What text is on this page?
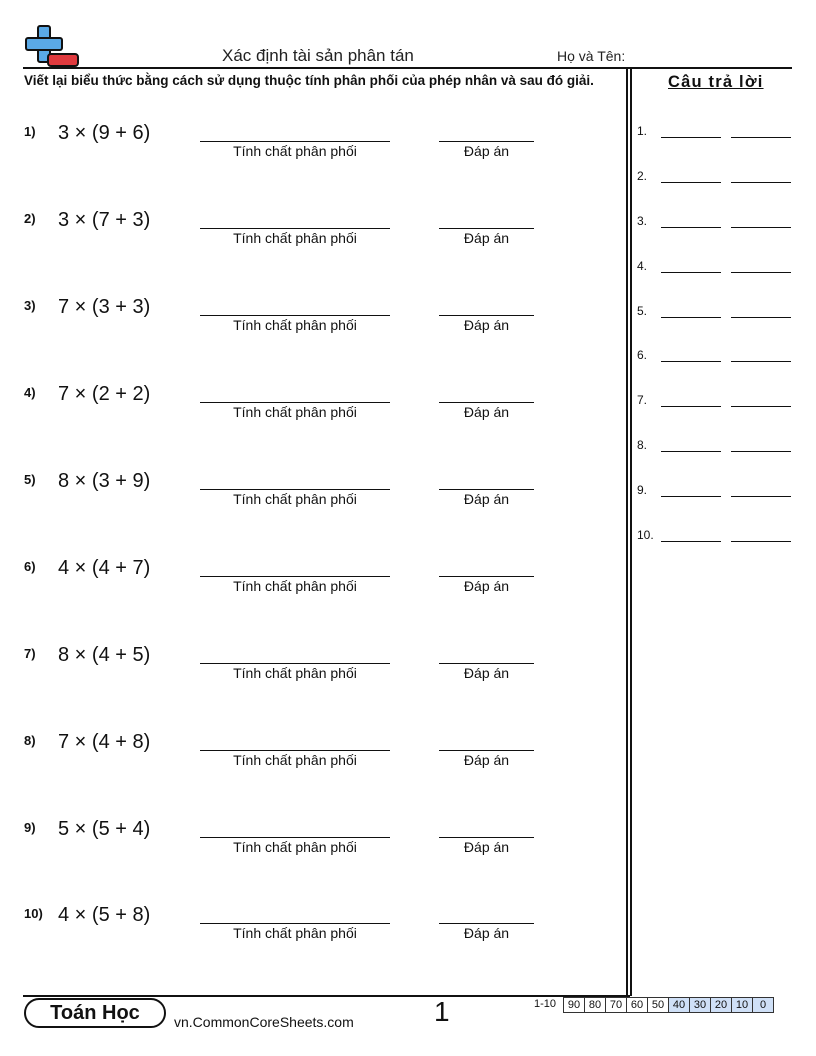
Xác định tài sản phân tán	Họ và Tên:
Viết lại biểu thức bằng cách sử dụng thuộc tính phân phối của phép nhân và sau đó giải.
1) 3 × (9 + 6)
Tính chất phân phối	Đáp án
2) 3 × (7 + 3)
Tính chất phân phối	Đáp án
3) 7 × (3 + 3)
Tính chất phân phối	Đáp án
4) 7 × (2 + 2)
Tính chất phân phối	Đáp án
5) 8 × (3 + 9)
Tính chất phân phối	Đáp án
6) 4 × (4 + 7)
Tính chất phân phối	Đáp án
7) 8 × (4 + 5)
Tính chất phân phối	Đáp án
8) 7 × (4 + 8)
Tính chất phân phối	Đáp án
9) 5 × (5 + 4)
Tính chất phân phối	Đáp án
10) 4 × (5 + 8)
Tính chất phân phối	Đáp án
Câu trả lời
1.
2.
3.
4.
5.
6.
7.
8.
9.
10.
Toán Học	vn.CommonCoreSheets.com	1	1-10	90 80 70 60 50 40 30 20 10	0
